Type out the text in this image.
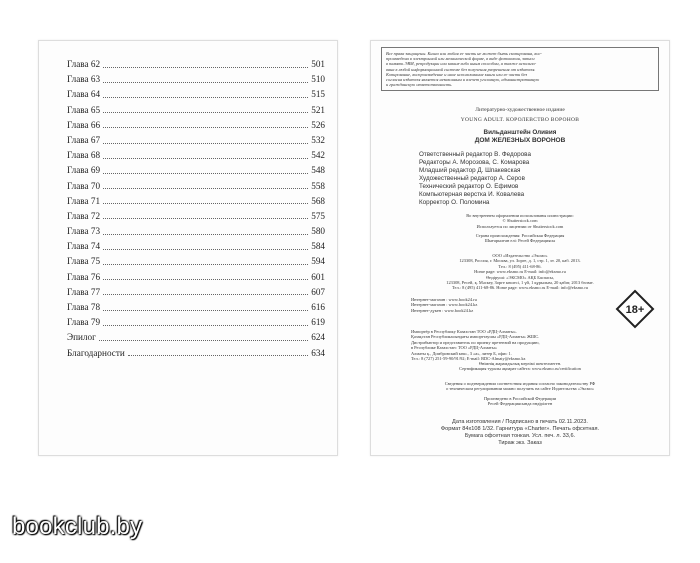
Глава 62	501
Глава 63	510
Глава 64	515
Глава 65	521
Глава 66	526
Глава 67	532
Глава 68	542
Глава 69	548
Глава 70	558
Глава 71	568
Глава 72	575
Глава 73	580
Глава 74	584
Глава 75	594
Глава 76	601
Глава 77	607
Глава 78	616
Глава 79	619
Эпилог	624
Благодарности	634
Все права защищены. Книга или любая ее часть не может быть скопирована, вос-
произведена в электронной или механической форме, в виде фотокопии, записи
в память ЭВМ, репродукции или каким-либо иным способом, а также использо-
вана в любой информационной системе без получения разрешения от издателя.
Копирование, воспроизведение и иное использование книги или ее части без
согласия издателя является незаконным и влечет уголовную, административную
и гражданскую ответственность.
Литературно-художественное издание
YOUNG ADULT. КОРОЛЕВСТВО ВОРОНОВ
Вильданштейн Оливия
ДОМ ЖЕЛЕЗНЫХ ВОРОНОВ
Ответственный редактор В. Федорова
Редакторы А. Морозова, С. Комарова
Младший редактор Д. Шпакевская
Художественный редактор А. Серов
Технический редактор О. Ефимов
Компьютерная верстка И. Ковалева
Корректор О. Поломина
Во внутреннем оформлении использованы иллюстрации:
© Shutterstock.com
Используется по лицензии от Shutterstock.com
Страна происхождения: Российская Федерация
Шығарылған елі: Ресей Федерациясы
ООО «Издательство «Эксмо»
123308, Россия, г. Москва, ул. Зорге, д. 1, стр. 1, эт. 20, каб. 2013.
Тел.: 8 (495) 411-68-86.
Home page: www.eksmo.ru E-mail: info@eksmo.ru
Өндіруші: «ЭКСМО» АҚБ Баспасы,
123308, Ресей, қ. Мәскеу, Зорге көшесі, 1 үй, 1 құрылым, 20 қабат, 2013 бөлме.
Тел.: 8 (495) 411-68-86. Home page: www.eksmo.ru E-mail: info@eksmo.ru
Интернет-магазин : www.book24.ru
Интернет-магазин : www.book24.kz
Интернет-дүкен : www.book24.kz
Импортёр в Республику Казахстан ТОО «РДЦ-Алматы».
Қазақстан Республикасындағы импорттаушы «РДЦ-Алматы» ЖШС.
Дистрибьютор и представитель по приему претензий на продукцию,
в Республике Казахстан: ТОО «РДЦ-Алматы»
Алматы қ., Домбровский көш., 3 «а», литер Б, офис 1.
Тел.: 8 (727) 251-59-90/91/92; E-mail: RDC-Almaty@eksmo.kz
Өнімнің жарамдылық мерзімі шектелмеген.
Сертификация туралы ақпарат сайтта: www.eksmo.ru/certification
Сведения о подтверждении соответствия издания согласно законодательству РФ
о техническом регулировании можно получить на сайте Издательства «Эксмо»
Произведено в Российской Федерации
Ресей Федерациясында өндірілген
Дата изготовления / Подписано в печать 02.11.2023.
Формат 84x108 1/32. Гарнитура «Charter». Печать офсетная.
Бумага офсетная тонкая. Усл. печ. л. 33,6.
Тираж экз. Заказ
18+
bookclub.by
